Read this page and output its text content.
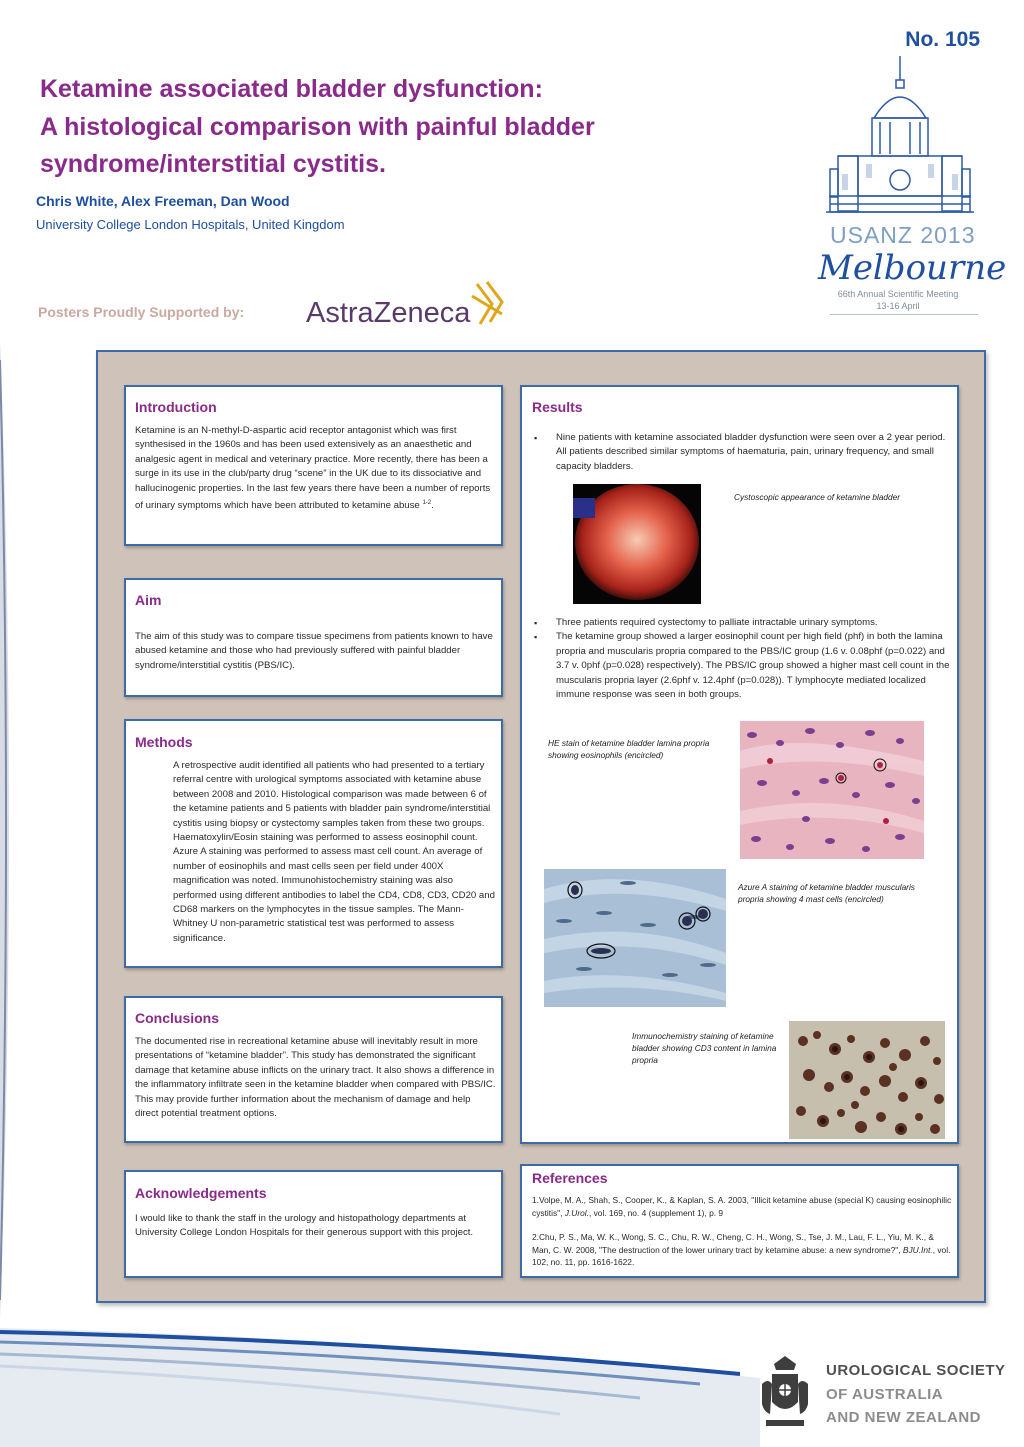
No. 105
Ketamine associated bladder dysfunction:
A histological comparison with painful bladder
syndrome/interstitial cystitis.
Chris White, Alex Freeman, Dan Wood
University College London Hospitals, United Kingdom
Posters Proudly Supported by: AstraZeneca
USANZ 2013
Melbourne
66th Annual Scientific Meeting
13-16 April
Introduction
Ketamine is an N-methyl-D-aspartic acid receptor antagonist which was first synthesised in the 1960s and has been used extensively as an anaesthetic and analgesic agent in medical and veterinary practice. More recently, there has been a surge in its use in the club/party drug “scene” in the UK due to its dissociative and hallucinogenic properties. In the last few years there have been a number of reports of urinary symptoms which have been attributed to ketamine abuse $^{1-2}$.
Aim
The aim of this study was to compare tissue specimens from patients known to have abused ketamine and those who had previously suffered with painful bladder syndrome/interstitial cystitis (PBS/IC).
Methods
A retrospective audit identified all patients who had presented to a tertiary referral centre with urological symptoms associated with ketamine abuse between 2008 and 2010. Histological comparison was made between 6 of the ketamine patients and 5 patients with bladder pain syndrome/interstitial cystitis using biopsy or cystectomy samples taken from these two groups. Haematoxylin/Eosin staining was performed to assess eosinophil count. Azure A staining was performed to assess mast cell count. An average of number of eosinophils and mast cells seen per field under 400X magnification was noted. Immunohistochemistry staining was also performed using different antibodies to label the CD4, CD8, CD3, CD20 and CD68 markers on the lymphocytes in the tissue samples. The Mann-Whitney U non-parametric statistical test was performed to assess significance.
Conclusions
The documented rise in recreational ketamine abuse will inevitably result in more presentations of “ketamine bladder”. This study has demonstrated the significant damage that ketamine abuse inflicts on the urinary tract. It also shows a difference in the inflammatory infiltrate seen in the ketamine bladder when compared with PBS/IC. This may provide further information about the mechanism of damage and help direct potential treatment options.
Acknowledgements
I would like to thank the staff in the urology and histopathology departments at University College London Hospitals for their generous support with this project.
Results
▪ Nine patients with ketamine associated bladder dysfunction were seen over a 2 year period. All patients described similar symptoms of haematuria, pain, urinary frequency, and small capacity bladders.
Cystoscopic appearance of ketamine bladder
▪ Three patients required cystectomy to palliate intractable urinary symptoms.
▪ The ketamine group showed a larger eosinophil count per high field (phf) in both the lamina propria and muscularis propria compared to the PBS/IC group (1.6 v. 0.08phf (p=0.022) and 3.7 v. 0phf (p=0.028) respectively). The PBS/IC group showed a higher mast cell count in the muscularis propria layer (2.6phf v. 12.4phf (p=0.028)). T lymphocyte mediated localized immune response was seen in both groups.
HE stain of ketamine bladder lamina propria showing eosinophils (encircled)
Azure A staining of ketamine bladder muscularis propria showing 4 mast cells (encircled)
Immunochemistry staining of ketamine bladder showing CD3 content in lamina propria
References
1.Volpe, M. A., Shah, S., Cooper, K., & Kaplan, S. A. 2003, "Illicit ketamine abuse (special K) causing eosinophilic cystitis", J.Urol., vol. 169, no. 4 (supplement 1), p. 9
2.Chu, P. S., Ma, W. K., Wong, S. C., Chu, R. W., Cheng, C. H., Wong, S., Tse, J. M., Lau, F. L., Yiu, M. K., & Man, C. W. 2008, "The destruction of the lower urinary tract by ketamine abuse: a new syndrome?", BJU.Int., vol. 102, no. 11, pp. 1616-1622.
UROLOGICAL SOCIETY
OF AUSTRALIA
AND NEW ZEALAND
